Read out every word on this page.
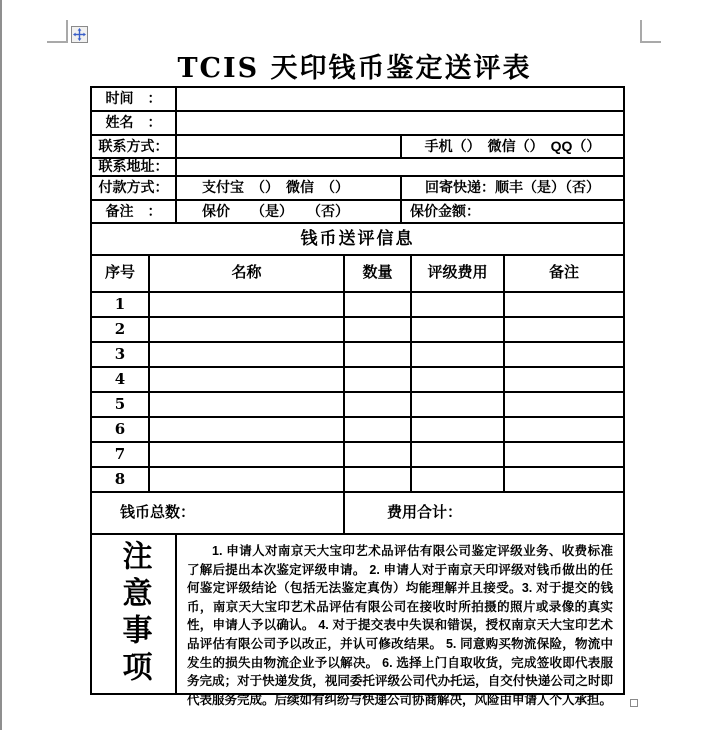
TCIS 天印钱币鉴定送评表
时间　：
姓名　：
联系方式：	手机（）　微信（）　QQ（）
联系地址：
付款方式：	支付宝　（）　微信　（）	回寄快递：顺丰（是）（否）
备注　：	保价　　（是）　　（否）	保价金额：
钱币送评信息
序号	名称	数量	评级费用	备注
1
2
3
4
5
6
7
8
钱币总数：	费用合计：
注意事项	1. 申请人对南京天大宝印艺术品评估有限公司鉴定评级业务、收费标准了解后提出本次鉴定评级申请。 2. 申请人对于南京天印评级对钱币做出的任何鉴定评级结论（包括无法鉴定真伪）均能理解并且接受。3. 对于提交的钱币，南京天大宝印艺术品评估有限公司在接收时所拍摄的照片或录像的真实性，申请人予以确认。 4. 对于提交表中失误和错误，授权南京天大宝印艺术品评估有限公司予以改正，并认可修改结果。 5. 同意购买物流保险，物流中发生的损失由物流企业予以解决。 6. 选择上门自取收货，完成签收即代表服务完成；对于快递发货，视同委托评级公司代办托运，自交付快递公司之时即代表服务完成。后续如有纠纷与快递公司协商解决，风险由申请人个人承担。
